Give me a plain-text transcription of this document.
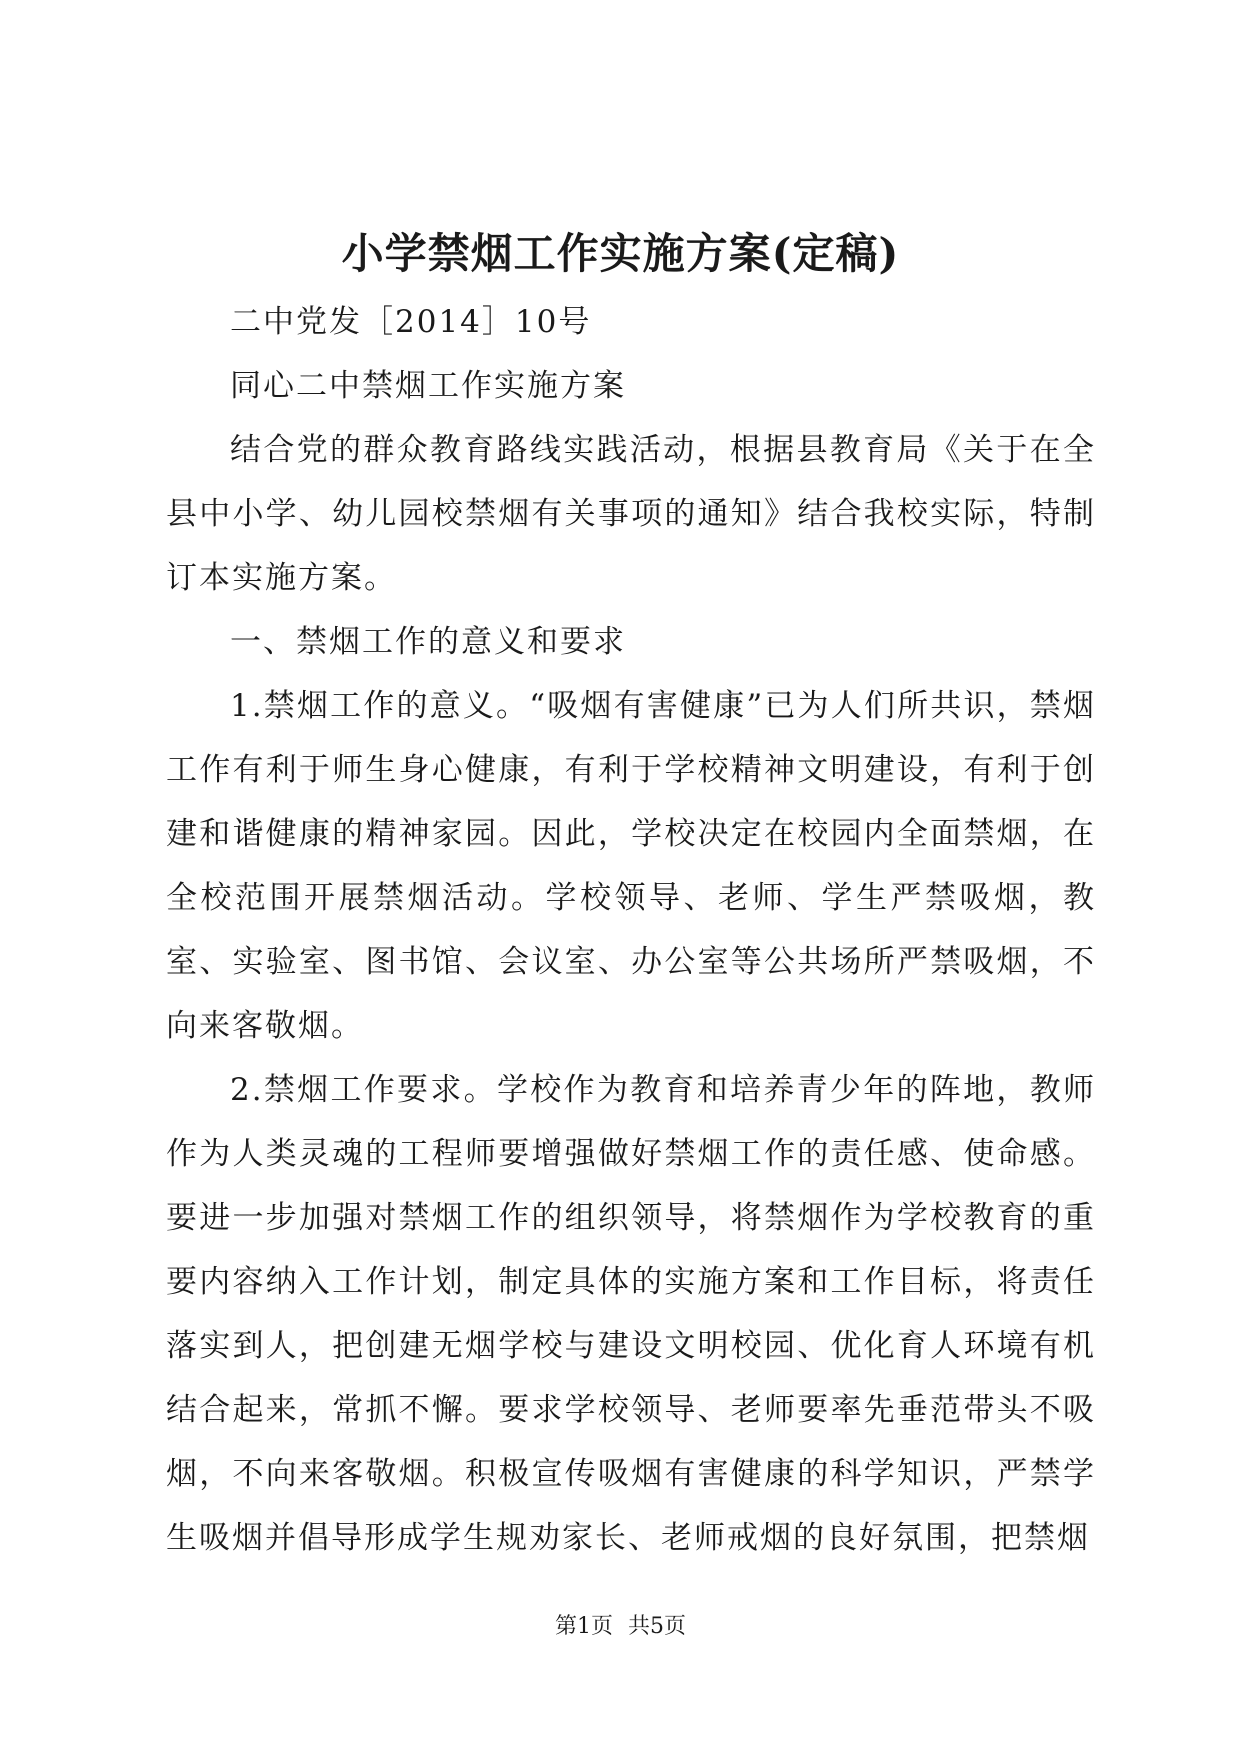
小学禁烟工作实施方案(定稿)

二中党发［2014］10号

同心二中禁烟工作实施方案

结合党的群众教育路线实践活动，根据县教育局《关于在全县中小学、幼儿园校禁烟有关事项的通知》结合我校实际，特制订本实施方案。

一、禁烟工作的意义和要求

1.禁烟工作的意义。“吸烟有害健康”已为人们所共识，禁烟工作有利于师生身心健康，有利于学校精神文明建设，有利于创建和谐健康的精神家园。因此，学校决定在校园内全面禁烟，在全校范围开展禁烟活动。学校领导、老师、学生严禁吸烟，教室、实验室、图书馆、会议室、办公室等公共场所严禁吸烟，不向来客敬烟。

2.禁烟工作要求。学校作为教育和培养青少年的阵地，教师作为人类灵魂的工程师要增强做好禁烟工作的责任感、使命感。要进一步加强对禁烟工作的组织领导，将禁烟作为学校教育的重要内容纳入工作计划，制定具体的实施方案和工作目标，将责任落实到人，把创建无烟学校与建设文明校园、优化育人环境有机结合起来，常抓不懈。要求学校领导、老师要率先垂范带头不吸烟，不向来客敬烟。积极宣传吸烟有害健康的科学知识，严禁学生吸烟并倡导形成学生规劝家长、老师戒烟的良好氛围，把禁烟

第1页 共5页
